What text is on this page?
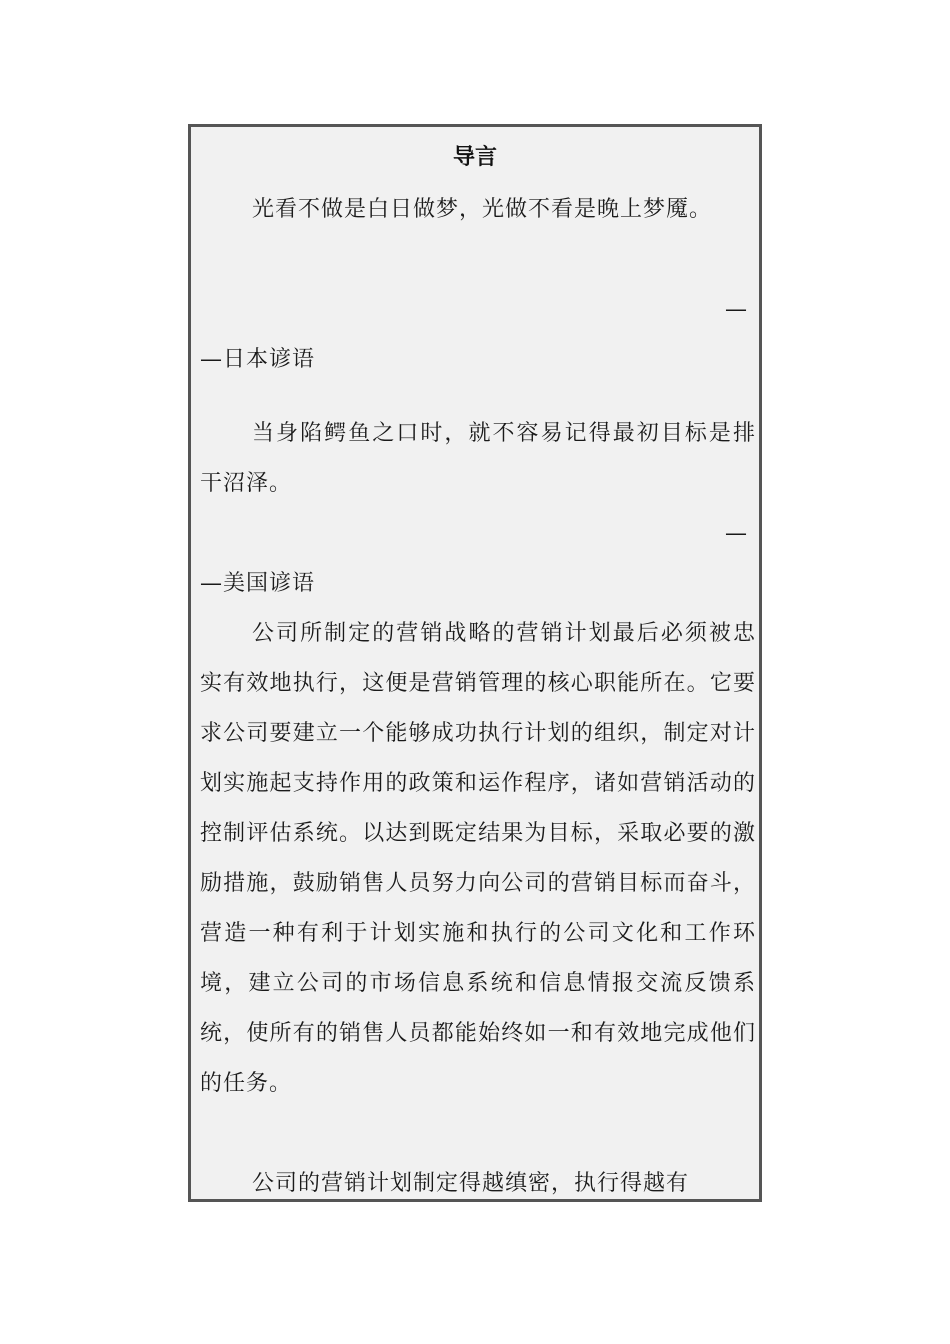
导言

光看不做是白日做梦，光做不看是晚上梦魇。

—
—日本谚语

当身陷鳄鱼之口时，就不容易记得最初目标是排干沼泽。

—
—美国谚语

公司所制定的营销战略的营销计划最后必须被忠实有效地执行，这便是营销管理的核心职能所在。它要求公司要建立一个能够成功执行计划的组织，制定对计划实施起支持作用的政策和运作程序，诸如营销活动的控制评估系统。以达到既定结果为目标，采取必要的激励措施，鼓励销售人员努力向公司的营销目标而奋斗，营造一种有利于计划实施和执行的公司文化和工作环境，建立公司的市场信息系统和信息情报交流反馈系统，使所有的销售人员都能始终如一和有效地完成他们的任务。

公司的营销计划制定得越缜密，执行得越有
